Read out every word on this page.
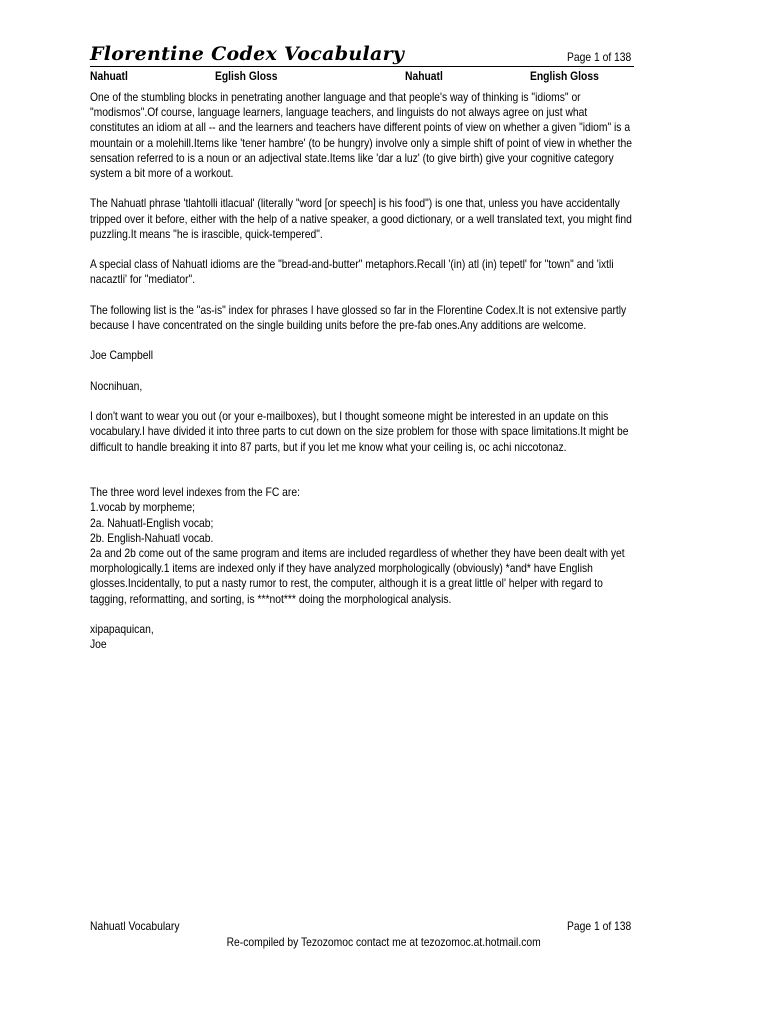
Florentine Codex Vocabulary	Page 1 of 138
Nahuatl	Eglish Gloss	Nahuatl	English Gloss

One of the stumbling blocks in penetrating another language and that people's way of thinking is "idioms" or "modismos".Of course, language learners, language teachers, and linguists do not always agree on just what constitutes an idiom at all -- and the learners and teachers have different points of view on whether a given "idiom" is a mountain or a molehill.Items like 'tener hambre' (to be hungry) involve only a simple shift of point of view in whether the sensation referred to is a noun or an adjectival state.Items like 'dar a luz' (to give birth) give your cognitive category system a bit more of a workout.

The Nahuatl phrase 'tlahtolli itlacual' (literally "word [or speech] is his food") is one that, unless you have accidentally tripped over it before, either with the help of a native speaker, a good dictionary, or a well translated text, you might find puzzling.It means "he is irascible, quick-tempered".

A special class of Nahuatl idioms are the "bread-and-butter" metaphors.Recall '(in) atl (in) tepetl' for "town" and 'ixtli nacaztli' for "mediator".

The following list is the "as-is" index for phrases I have glossed so far in the Florentine Codex.It is not extensive partly because I have concentrated on the single building units before the pre-fab ones.Any additions are welcome.

Joe Campbell

Nocnihuan,

I don't want to wear you out (or your e-mailboxes), but I thought someone might be interested in an update on this vocabulary.I have divided it into three parts to cut down on the size problem for those with space limitations.It might be difficult to handle breaking it into 87 parts, but if you let me know what your ceiling is, oc achi niccotonaz.

The three word level indexes from the FC are:
1.vocab by morpheme;
2a. Nahuatl-English vocab;
2b. English-Nahuatl vocab.
2a and 2b come out of the same program and items are included regardless of whether they have been dealt with yet morphologically.1 items are indexed only if they have analyzed morphologically (obviously) *and* have English glosses.Incidentally, to put a nasty rumor to rest, the computer, although it is a great little ol' helper with regard to tagging, reformatting, and sorting, is ***not*** doing the morphological analysis.

xipapaquican,
Joe

Nahuatl Vocabulary	Page 1 of 138
Re-compiled by Tezozomoc contact me at tezozomoc.at.hotmail.com
